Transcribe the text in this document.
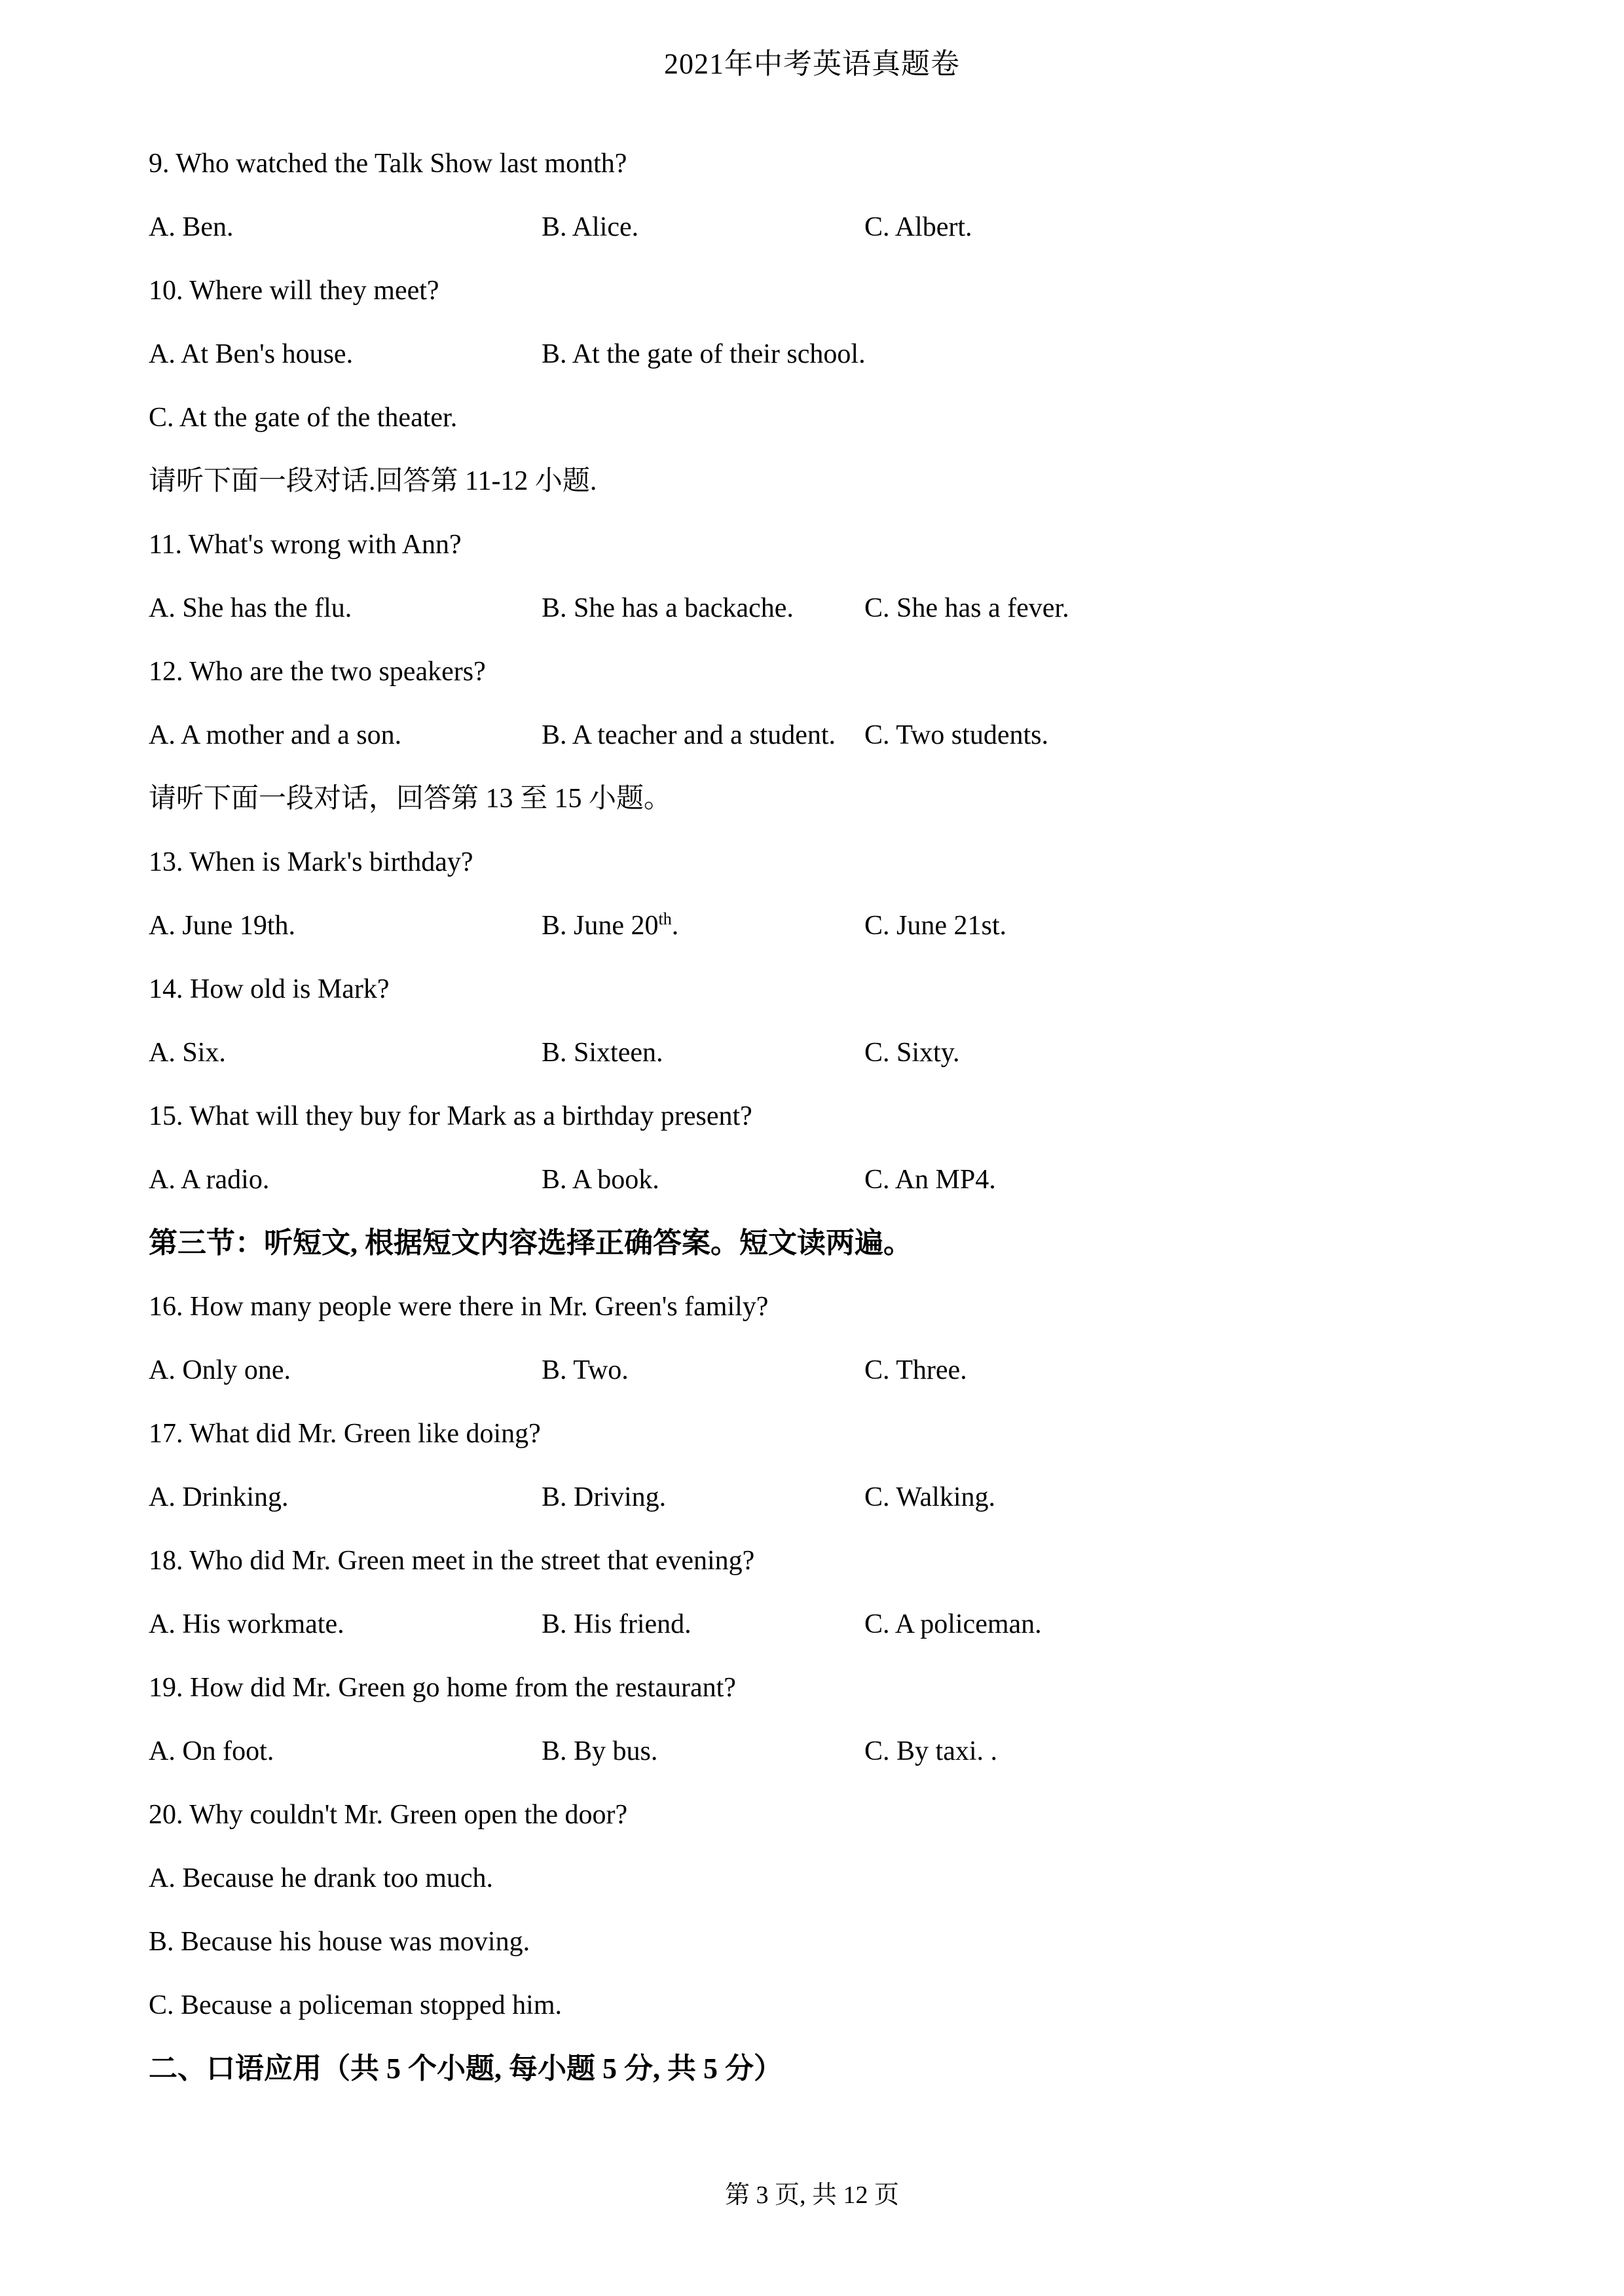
2021年中考英语真题卷
9. Who watched the Talk Show last month?
A. Ben.	B. Alice.	C. Albert.
10. Where will they meet?
A. At Ben's house.	B. At the gate of their school.
C. At the gate of the theater.
请听下面一段对话.回答第 11-12 小题.
11. What's wrong with Ann?
A. She has the flu.	B. She has a backache.	C. She has a fever.
12. Who are the two speakers?
A. A mother and a son.	B. A teacher and a student.	C. Two students.
请听下面一段对话，回答第 13 至 15 小题。
13. When is Mark's birthday?
A. June 19th.	B. June 20th.	C. June 21st.
14. How old is Mark?
A. Six.	B. Sixteen.	C. Sixty.
15. What will they buy for Mark as a birthday present?
A. A radio.	B. A book.	C. An MP4.
第三节：听短文, 根据短文内容选择正确答案。短文读两遍。
16. How many people were there in Mr. Green's family?
A. Only one.	B. Two.	C. Three.
17. What did Mr. Green like doing?
A. Drinking.	B. Driving.	C. Walking.
18. Who did Mr. Green meet in the street that evening?
A. His workmate.	B. His friend.	C. A policeman.
19. How did Mr. Green go home from the restaurant?
A. On foot.	B. By bus.	C. By taxi. .
20. Why couldn't Mr. Green open the door?
A. Because he drank too much.
B. Because his house was moving.
C. Because a policeman stopped him.
二、口语应用（共 5 个小题, 每小题 5 分, 共 5 分）
第 3 页, 共 12 页
